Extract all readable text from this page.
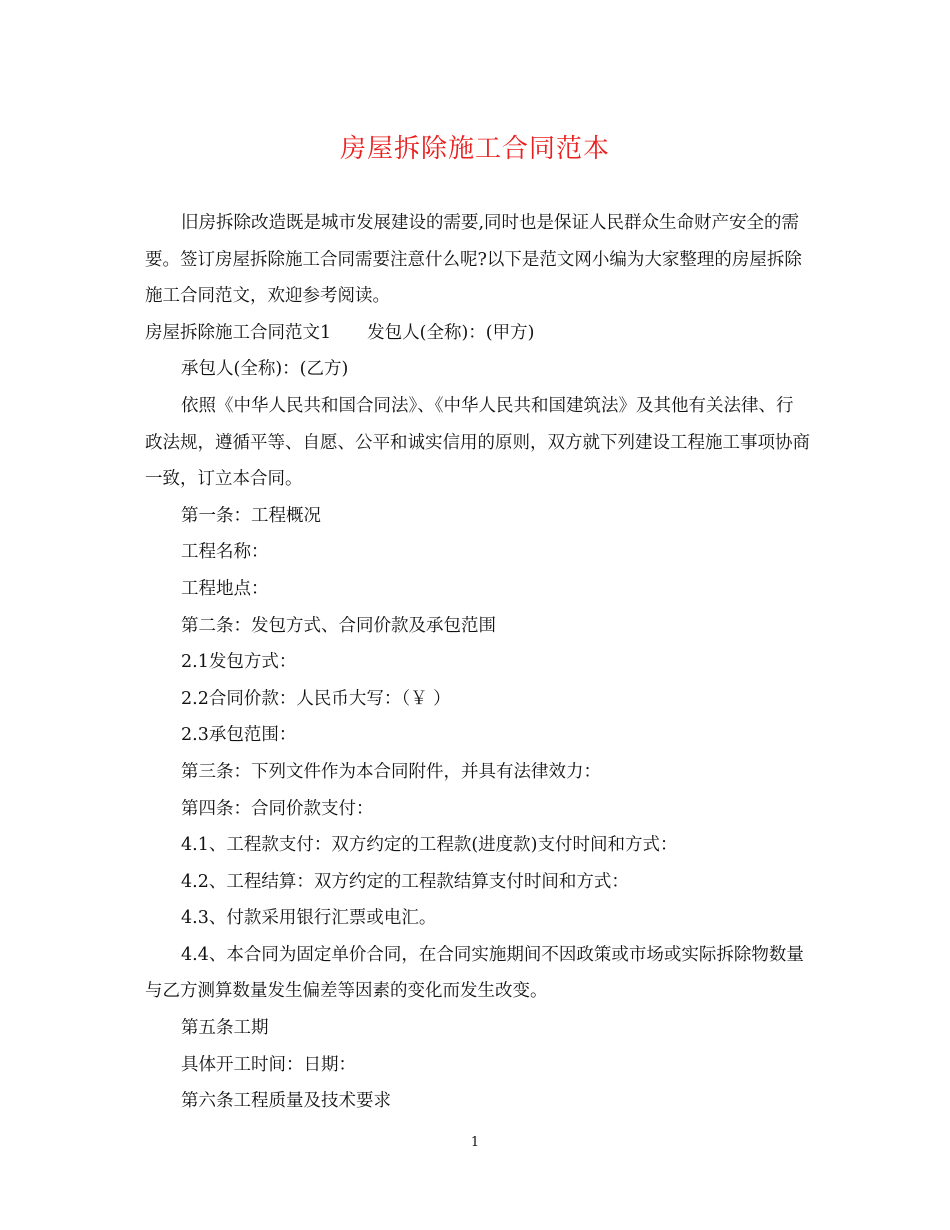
房屋拆除施工合同范本

旧房拆除改造既是城市发展建设的需要,同时也是保证人民群众生命财产安全的需要。签订房屋拆除施工合同需要注意什么呢?以下是范文网小编为大家整理的房屋拆除施工合同范文，欢迎参考阅读。

房屋拆除施工合同范文1 发包人(全称)：(甲方)

承包人(全称)：(乙方)

依照《中华人民共和国合同法》、《中华人民共和国建筑法》及其他有关法律、行政法规，遵循平等、自愿、公平和诚实信用的原则，双方就下列建设工程施工事项协商一致，订立本合同。

第一条：工程概况

工程名称：

工程地点：

第二条：发包方式、合同价款及承包范围

2.1发包方式：

2.2合同价款：人民币大写：（￥ ）

2.3承包范围：

第三条：下列文件作为本合同附件，并具有法律效力：

第四条：合同价款支付：

4.1、工程款支付：双方约定的工程款(进度款)支付时间和方式：

4.2、工程结算：双方约定的工程款结算支付时间和方式：

4.3、付款采用银行汇票或电汇。

4.4、本合同为固定单价合同，在合同实施期间不因政策或市场或实际拆除物数量与乙方测算数量发生偏差等因素的变化而发生改变。

第五条工期

具体开工时间：日期：

第六条工程质量及技术要求

1
